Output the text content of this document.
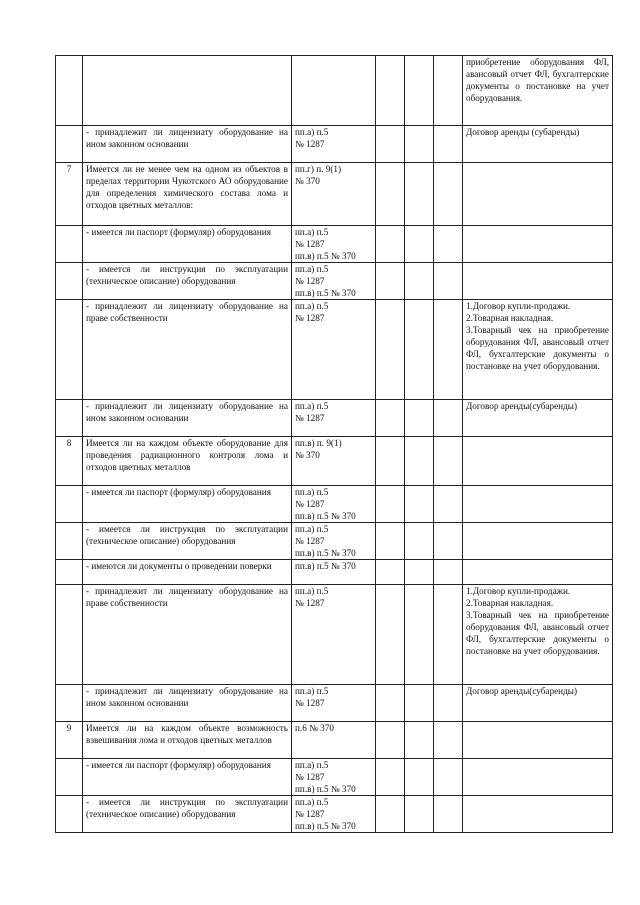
						приобретение оборудования ФЛ, авансовый отчет ФЛ, бухгалтерские документы о постановке на учет оборудования.

	- принадлежит ли лицензиату оборудование на ином законном основании	пп.а) п.5
№ 1287				Договор аренды (субаренды)

7	Имеется ли не менее чем на одном из объектов в пределах территории Чукотского АО оборудование для определения химического состава лома и отходов цветных металлов:	пп.г) п. 9(1)
№ 370				

	- имеется ли паспорт (формуляр) оборудования	пп.а) п.5
№ 1287
пп.в) п.5 № 370				

	- имеется ли инструкция по эксплуатации (техническое описание) оборудования	пп.а) п.5
№ 1287
пп.в) п.5 № 370				

	- принадлежит ли лицензиату оборудование на праве собственности	пп.а) п.5
№ 1287				1.Договор купли-продажи.
2.Товарная накладная.
3.Товарный чек на приобретение оборудования ФЛ, авансовый отчет ФЛ, бухгалтерские документы о постановке на учет оборудования.

	- принадлежит ли лицензиату оборудование на ином законном основании	пп.а) п.5
№ 1287				Договор аренды(субаренды)

8	Имеется ли на каждом объекте оборудование для проведения радиационного контроля лома и отходов цветных металлов	пп.в) п. 9(1)
№ 370				

	- имеется ли паспорт (формуляр) оборудования	пп.а) п.5
№ 1287
пп.в) п.5 № 370				

	- имеется ли инструкция по эксплуатации (техническое описание) оборудования	пп.а) п.5
№ 1287
пп.в) п.5 № 370				

	- имеются ли документы о проведении поверки	пп.в) п.5 № 370				

	- принадлежит ли лицензиату оборудование на праве собственности	пп.а) п.5
№ 1287				1.Договор купли-продажи.
2.Товарная накладная.
3.Товарный чек на приобретение оборудования ФЛ, авансовый отчет ФЛ, бухгалтерские документы о постановке на учет оборудования.

	- принадлежит ли лицензиату оборудование на ином законном основании	пп.а) п.5
№ 1287				Договор аренды(субаренды)

9	Имеется ли на каждом объекте возможность взвешивания лома и отходов цветных металлов	п.6 № 370				

	- имеется ли паспорт (формуляр) оборудования	пп.а) п.5
№ 1287
пп.в) п.5 № 370				

	- имеется ли инструкция по эксплуатации (техническое описание) оборудования	пп.а) п.5
№ 1287
пп.в) п.5 № 370				
